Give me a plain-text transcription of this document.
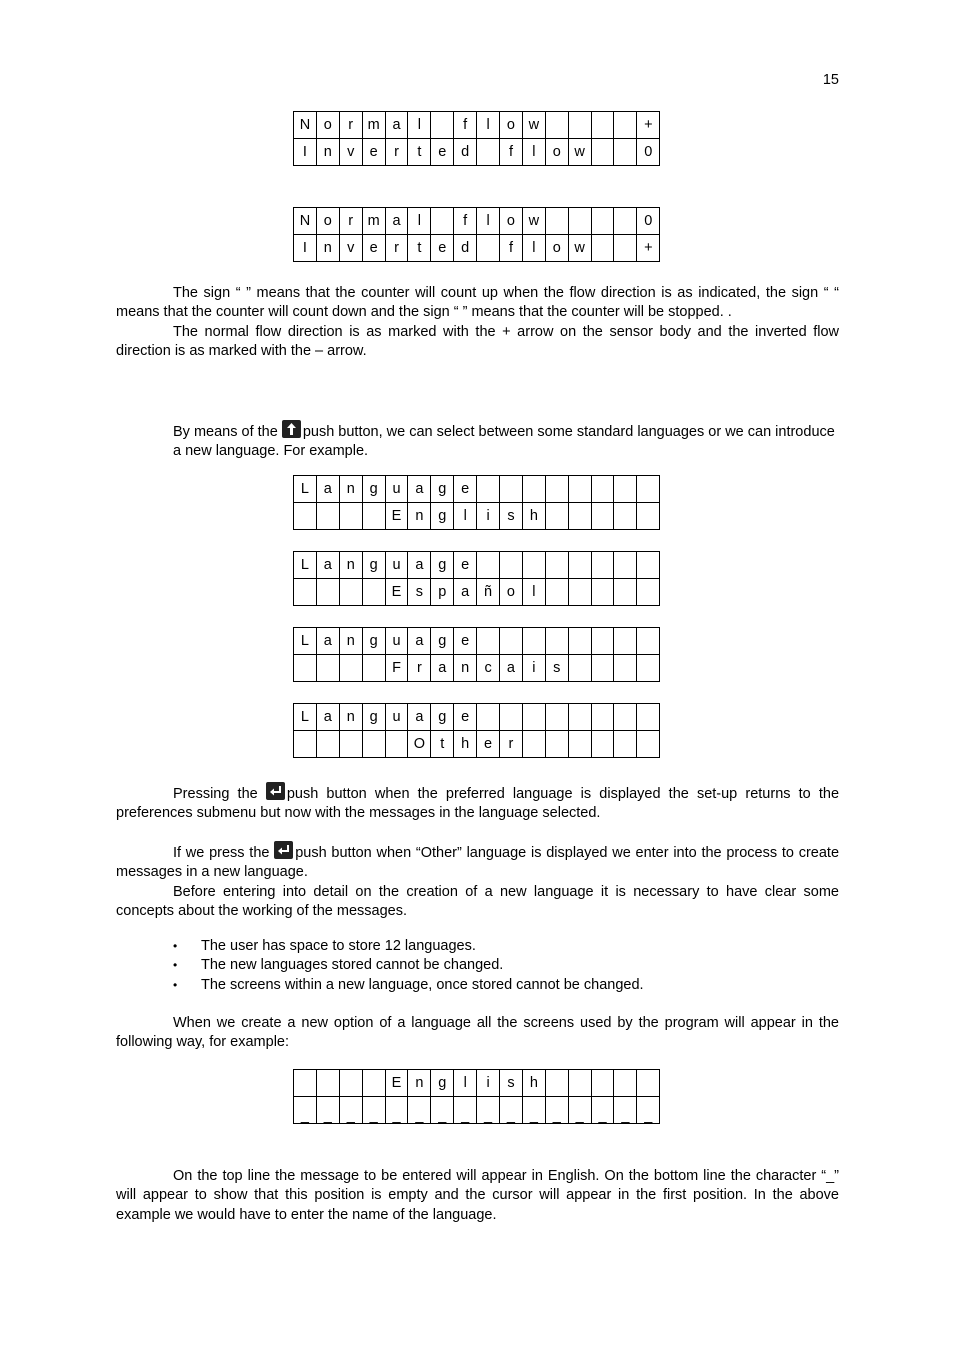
15
N	o	r	m	a	l		f	l	o	w					+
I	n	v	e	r	t	e	d		f	l	o	w			0
N	o	r	m	a	l		f	l	o	w					0
I	n	v	e	r	t	e	d		f	l	o	w			+

The sign “ ” means that the counter will count up when the flow direction is as indicated, the sign “ “ means that the counter will count down and the sign “ ” means that the counter will be stopped. .
The normal flow direction is as marked with the + arrow on the sensor body and the inverted flow direction is as marked with the – arrow.

By means of the push button, we can select between some standard languages or we can introduce a new language. For example.

L	a	n	g	u	a	g	e								
				E	n	g	l	i	s	h					
L	a	n	g	u	a	g	e								
				E	s	p	a	ñ	o	l					
L	a	n	g	u	a	g	e								
				F	r	a	n	c	a	i	s				
L	a	n	g	u	a	g	e								
					O	t	h	e	r						

Pressing the push button when the preferred language is displayed the set-up returns to the preferences submenu but now with the messages in the language selected.

If we press the push button when “Other” language is displayed we enter into the process to create messages in a new language.
Before entering into detail on the creation of a new language it is necessary to have clear some concepts about the working of the messages.

• The user has space to store 12 languages.
• The new languages stored cannot be changed.
• The screens within a new language, once stored cannot be changed.

When we create a new option of a language all the screens used by the program will appear in the following way, for example:

				E	n	g	l	i	s	h					
_	_	_	_	_	_	_	_	_	_	_	_	_	_	_	_

On the top line the message to be entered will appear in English. On the bottom line the character “_” will appear to show that this position is empty and the cursor will appear in the first position. In the above example we would have to enter the name of the language.
